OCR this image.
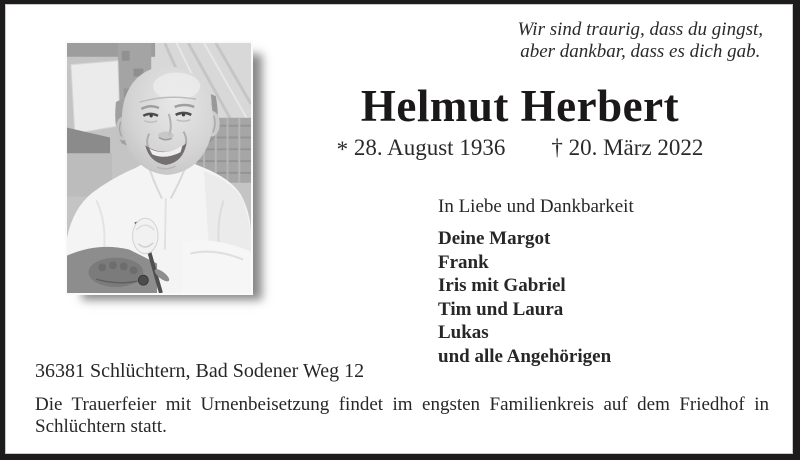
Wir sind traurig, dass du gingst,
aber dankbar, dass es dich gab.
Helmut Herbert
* 28. August 1936 † 20. März 2022
In Liebe und Dankbarkeit
Deine Margot
Frank
Iris mit Gabriel
Tim und Laura
Lukas
und alle Angehörigen
36381 Schlüchtern, Bad Sodener Weg 12
Die Trauerfeier mit Urnenbeisetzung findet im engsten Familienkreis auf dem Friedhof in Schlüchtern statt.
